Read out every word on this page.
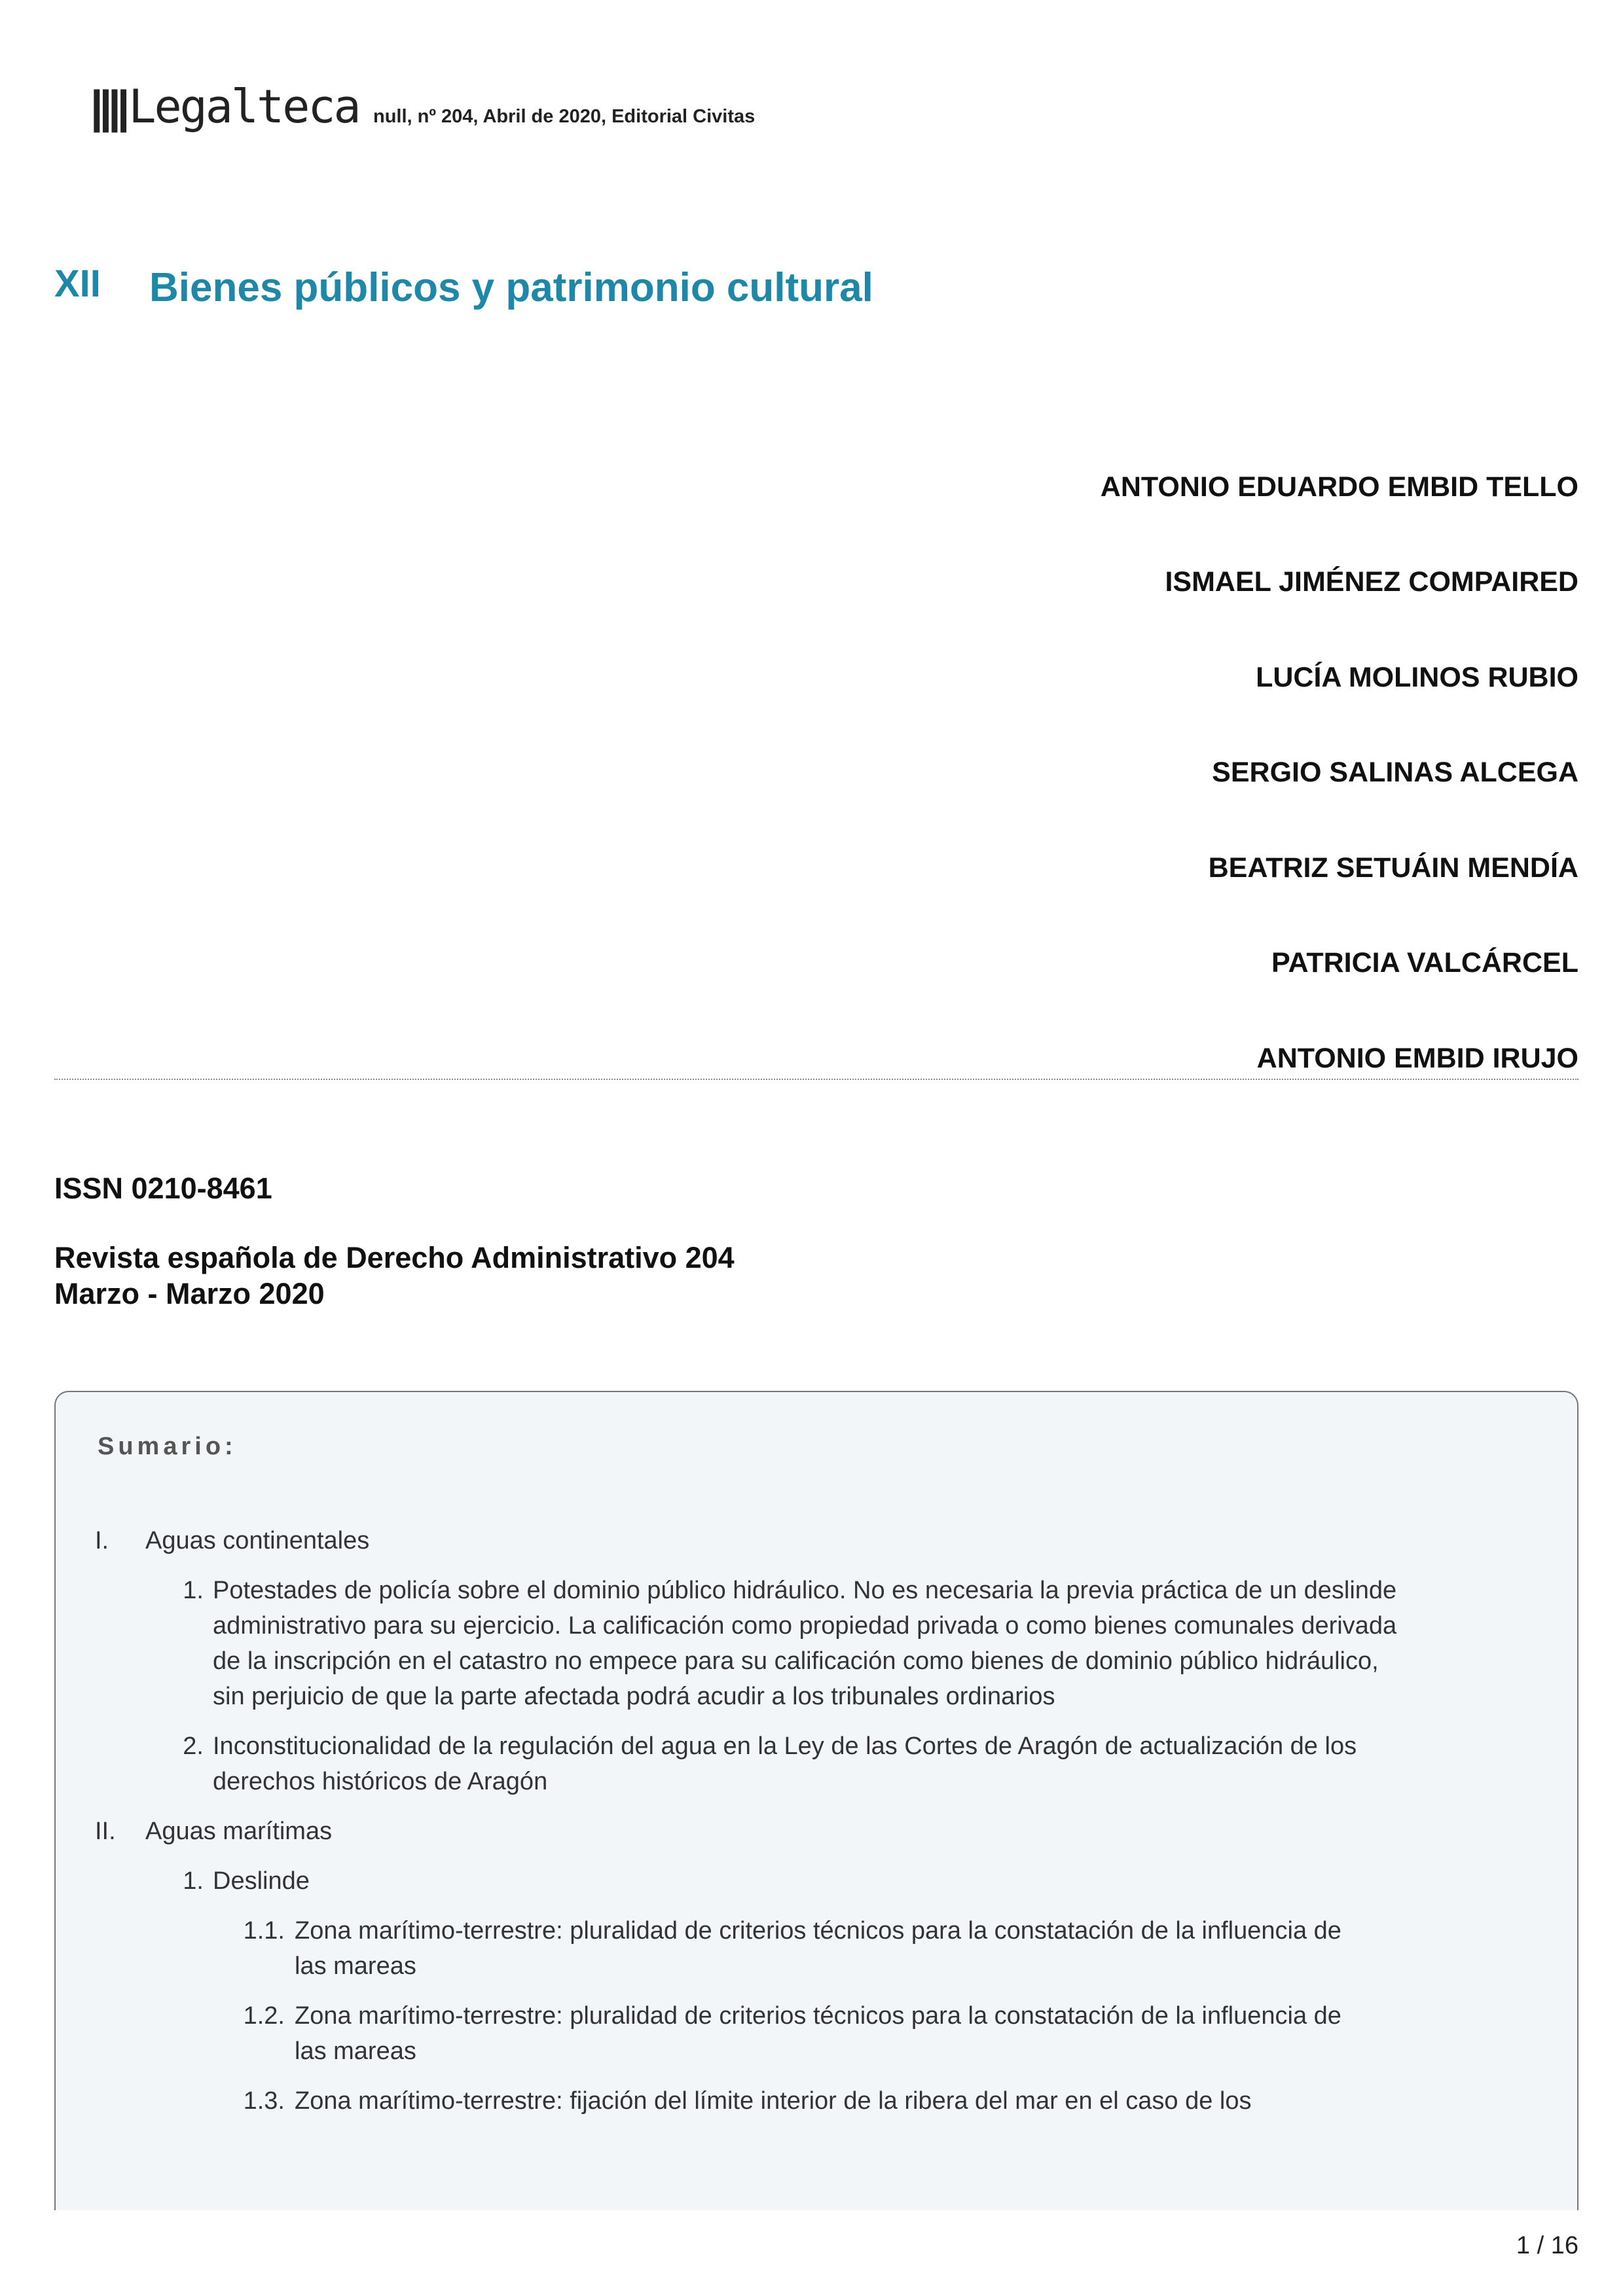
||||Legalteca null, nº 204, Abril de 2020, Editorial Civitas
XII Bienes públicos y patrimonio cultural
ANTONIO EDUARDO EMBID TELLO
ISMAEL JIMÉNEZ COMPAIRED
LUCÍA MOLINOS RUBIO
SERGIO SALINAS ALCEGA
BEATRIZ SETUÁIN MENDÍA
PATRICIA VALCÁRCEL
ANTONIO EMBID IRUJO
ISSN 0210-8461
Revista española de Derecho Administrativo 204
Marzo - Marzo 2020
Sumario:
I.	Aguas continentales
1. Potestades de policía sobre el dominio público hidráulico. No es necesaria la previa práctica de un deslinde administrativo para su ejercicio. La calificación como propiedad privada o como bienes comunales derivada de la inscripción en el catastro no empece para su calificación como bienes de dominio público hidráulico, sin perjuicio de que la parte afectada podrá acudir a los tribunales ordinarios
2. Inconstitucionalidad de la regulación del agua en la Ley de las Cortes de Aragón de actualización de los derechos históricos de Aragón
II.	Aguas marítimas
1. Deslinde
1.1. Zona marítimo-terrestre: pluralidad de criterios técnicos para la constatación de la influencia de las mareas
1.2. Zona marítimo-terrestre: pluralidad de criterios técnicos para la constatación de la influencia de las mareas
1.3. Zona marítimo-terrestre: fijación del límite interior de la ribera del mar en el caso de los
1 / 16
